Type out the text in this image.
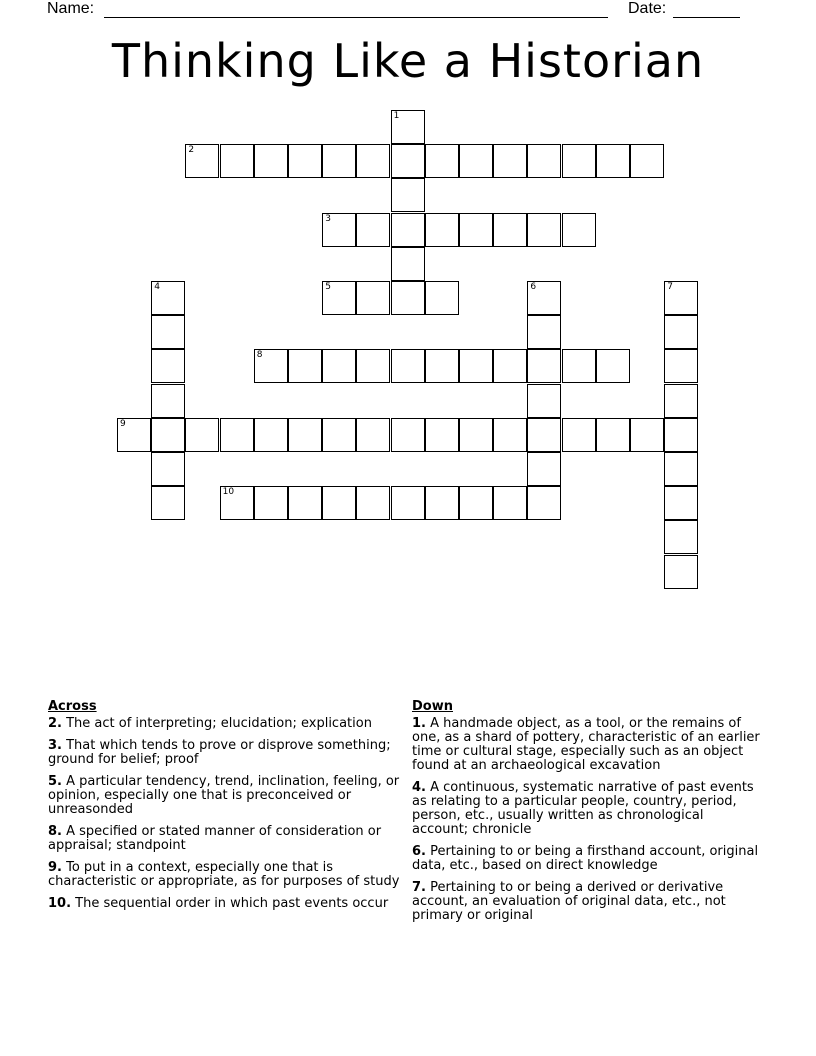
Name:	Date:
Thinking Like a Historian
1
2
3
4	5	6	7
8
9
10
Across
2. The act of interpreting; elucidation; explication
3. That which tends to prove or disprove something; ground for belief; proof
5. A particular tendency, trend, inclination, feeling, or opinion, especially one that is preconceived or unreasonded
8. A specified or stated manner of consideration or appraisal; standpoint
9. To put in a context, especially one that is characteristic or appropriate, as for purposes of study
10. The sequential order in which past events occur
Down
1. A handmade object, as a tool, or the remains of one, as a shard of pottery, characteristic of an earlier time or cultural stage, especially such as an object found at an archaeological excavation
4. A continuous, systematic narrative of past events as relating to a particular people, country, period, person, etc., usually written as chronological account; chronicle
6. Pertaining to or being a firsthand account, original data, etc., based on direct knowledge
7. Pertaining to or being a derived or derivative account, an evaluation of original data, etc., not primary or original
